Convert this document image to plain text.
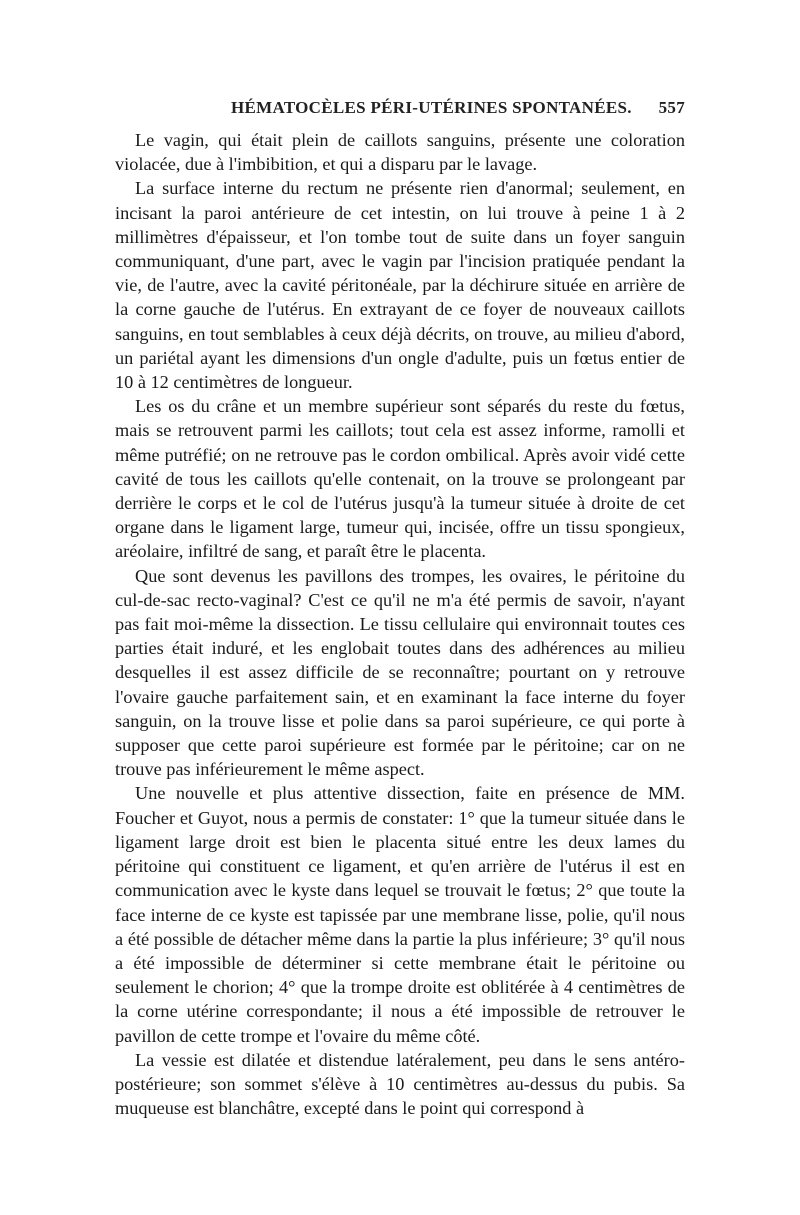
HÉMATOCÈLES PÉRI-UTÉRINES SPONTANÉES. 557

Le vagin, qui était plein de caillots sanguins, présente une coloration violacée, due à l'imbibition, et qui a disparu par le lavage.

La surface interne du rectum ne présente rien d'anormal; seulement, en incisant la paroi antérieure de cet intestin, on lui trouve à peine 1 à 2 millimètres d'épaisseur, et l'on tombe tout de suite dans un foyer sanguin communiquant, d'une part, avec le vagin par l'incision pratiquée pendant la vie, de l'autre, avec la cavité péritonéale, par la déchirure située en arrière de la corne gauche de l'utérus. En extrayant de ce foyer de nouveaux caillots sanguins, en tout semblables à ceux déjà décrits, on trouve, au milieu d'abord, un pariétal ayant les dimensions d'un ongle d'adulte, puis un fœtus entier de 10 à 12 centimètres de longueur.

Les os du crâne et un membre supérieur sont séparés du reste du fœtus, mais se retrouvent parmi les caillots; tout cela est assez informe, ramolli et même putréfié; on ne retrouve pas le cordon ombilical. Après avoir vidé cette cavité de tous les caillots qu'elle contenait, on la trouve se prolongeant par derrière le corps et le col de l'utérus jusqu'à la tumeur située à droite de cet organe dans le ligament large, tumeur qui, incisée, offre un tissu spongieux, aréolaire, infiltré de sang, et paraît être le placenta.

Que sont devenus les pavillons des trompes, les ovaires, le péritoine du cul-de-sac recto-vaginal? C'est ce qu'il ne m'a été permis de savoir, n'ayant pas fait moi-même la dissection. Le tissu cellulaire qui environnait toutes ces parties était induré, et les englobait toutes dans des adhérences au milieu desquelles il est assez difficile de se reconnaître; pourtant on y retrouve l'ovaire gauche parfaitement sain, et en examinant la face interne du foyer sanguin, on la trouve lisse et polie dans sa paroi supérieure, ce qui porte à supposer que cette paroi supérieure est formée par le péritoine; car on ne trouve pas inférieurement le même aspect.

Une nouvelle et plus attentive dissection, faite en présence de MM. Foucher et Guyot, nous a permis de constater: 1° que la tumeur située dans le ligament large droit est bien le placenta situé entre les deux lames du péritoine qui constituent ce ligament, et qu'en arrière de l'utérus il est en communication avec le kyste dans lequel se trouvait le fœtus; 2° que toute la face interne de ce kyste est tapissée par une membrane lisse, polie, qu'il nous a été possible de détacher même dans la partie la plus inférieure; 3° qu'il nous a été impossible de déterminer si cette membrane était le péritoine ou seulement le chorion; 4° que la trompe droite est oblitérée à 4 centimètres de la corne utérine correspondante; il nous a été impossible de retrouver le pavillon de cette trompe et l'ovaire du même côté.

La vessie est dilatée et distendue latéralement, peu dans le sens antéro-postérieure; son sommet s'élève à 10 centimètres au-dessus du pubis. Sa muqueuse est blanchâtre, excepté dans le point qui correspond à
